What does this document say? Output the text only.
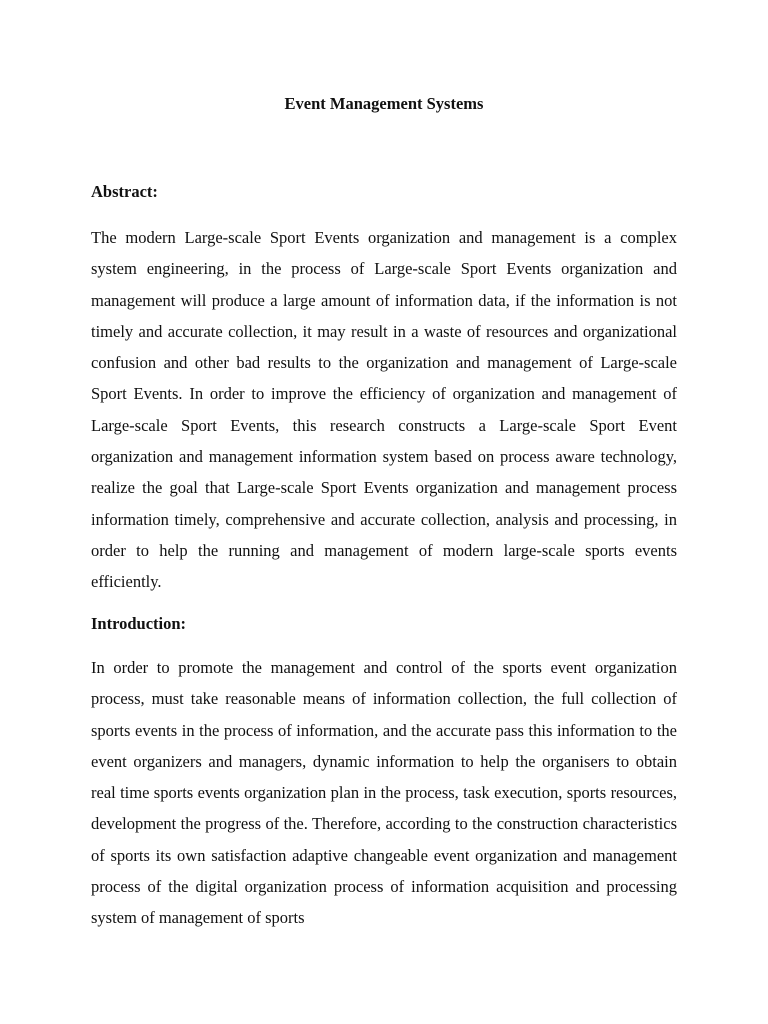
Event Management Systems
Abstract:

The modern Large-scale Sport Events organization and management is a complex system engineering, in the process of Large-scale Sport Events organization and management will produce a large amount of information data, if the information is not timely and accurate collection, it may result in a waste of resources and organizational confusion and other bad results to the organization and management of Large-scale Sport Events. In order to improve the efficiency of organization and management of Large-scale Sport Events, this research constructs a Large-scale Sport Event organization and management information system based on process aware technology, realize the goal that Large-scale Sport Events organization and management process information timely, comprehensive and accurate collection, analysis and processing, in order to help the running and management of modern large-scale sports events efficiently.

Introduction:

In order to promote the management and control of the sports event organization process, must take reasonable means of information collection, the full collection of sports events in the process of information, and the accurate pass this information to the event organizers and managers, dynamic information to help the organisers to obtain real time sports events organization plan in the process, task execution, sports resources, development the progress of the. Therefore, according to the construction characteristics of sports its own satisfaction adaptive changeable event organization and management process of the digital organization process of information acquisition and processing system of management of sports
